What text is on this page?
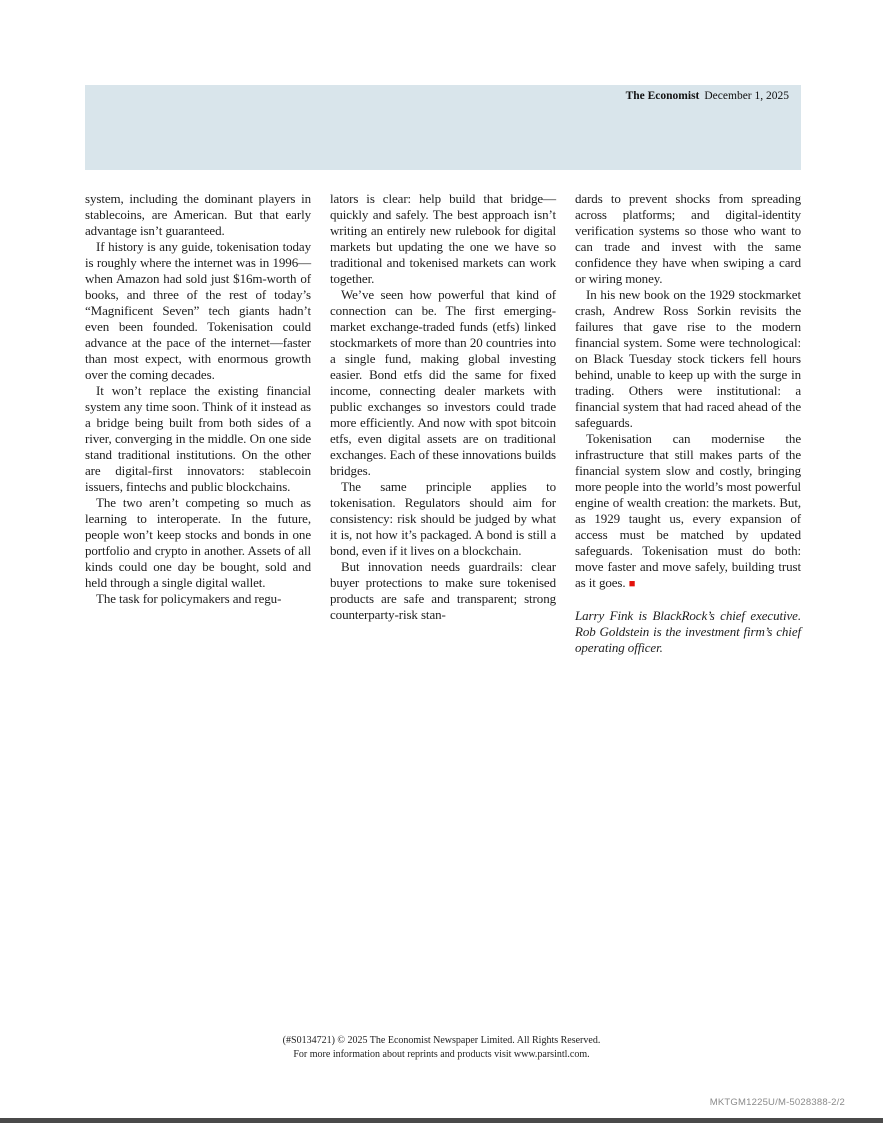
The Economist December 1, 2025

system, including the dominant players in stablecoins, are American. But that early advantage isn’t guaranteed.

If history is any guide, tokenisation today is roughly where the internet was in 1996—when Amazon had sold just $16m-worth of books, and three of the rest of today’s “Magnificent Seven” tech giants hadn’t even been founded. Tokenisation could advance at the pace of the internet—faster than most expect, with enormous growth over the coming decades.

It won’t replace the existing financial system any time soon. Think of it instead as a bridge being built from both sides of a river, converging in the middle. On one side stand traditional institutions. On the other are digital-first innovators: stablecoin issuers, fintechs and public blockchains.

The two aren’t competing so much as learning to interoperate. In the future, people won’t keep stocks and bonds in one portfolio and crypto in another. Assets of all kinds could one day be bought, sold and held through a single digital wallet.

The task for policymakers and regu-

lators is clear: help build that bridge—quickly and safely. The best approach isn’t writing an entirely new rulebook for digital markets but updating the one we have so traditional and tokenised markets can work together.

We’ve seen how powerful that kind of connection can be. The first emerging-market exchange-traded funds (etfs) linked stockmarkets of more than 20 countries into a single fund, making global investing easier. Bond etfs did the same for fixed income, connecting dealer markets with public exchanges so investors could trade more efficiently. And now with spot bitcoin etfs, even digital assets are on traditional exchanges. Each of these innovations builds bridges.

The same principle applies to tokenisation. Regulators should aim for consistency: risk should be judged by what it is, not how it’s packaged. A bond is still a bond, even if it lives on a blockchain.

But innovation needs guardrails: clear buyer protections to make sure tokenised products are safe and transparent; strong counterparty-risk stan-

dards to prevent shocks from spreading across platforms; and digital-identity verification systems so those who want to can trade and invest with the same confidence they have when swiping a card or wiring money.

In his new book on the 1929 stockmarket crash, Andrew Ross Sorkin revisits the failures that gave rise to the modern financial system. Some were technological: on Black Tuesday stock tickers fell hours behind, unable to keep up with the surge in trading. Others were institutional: a financial system that had raced ahead of the safeguards.

Tokenisation can modernise the infrastructure that still makes parts of the financial system slow and costly, bringing more people into the world’s most powerful engine of wealth creation: the markets. But, as 1929 taught us, every expansion of access must be matched by updated safeguards. Tokenisation must do both: move faster and move safely, building trust as it goes. ■

Larry Fink is BlackRock’s chief executive. Rob Goldstein is the investment firm’s chief operating officer.

(#S0134721) © 2025 The Economist Newspaper Limited. All Rights Reserved.
For more information about reprints and products visit www.parsintl.com.
MKTGM1225U/M-5028388-2/2
